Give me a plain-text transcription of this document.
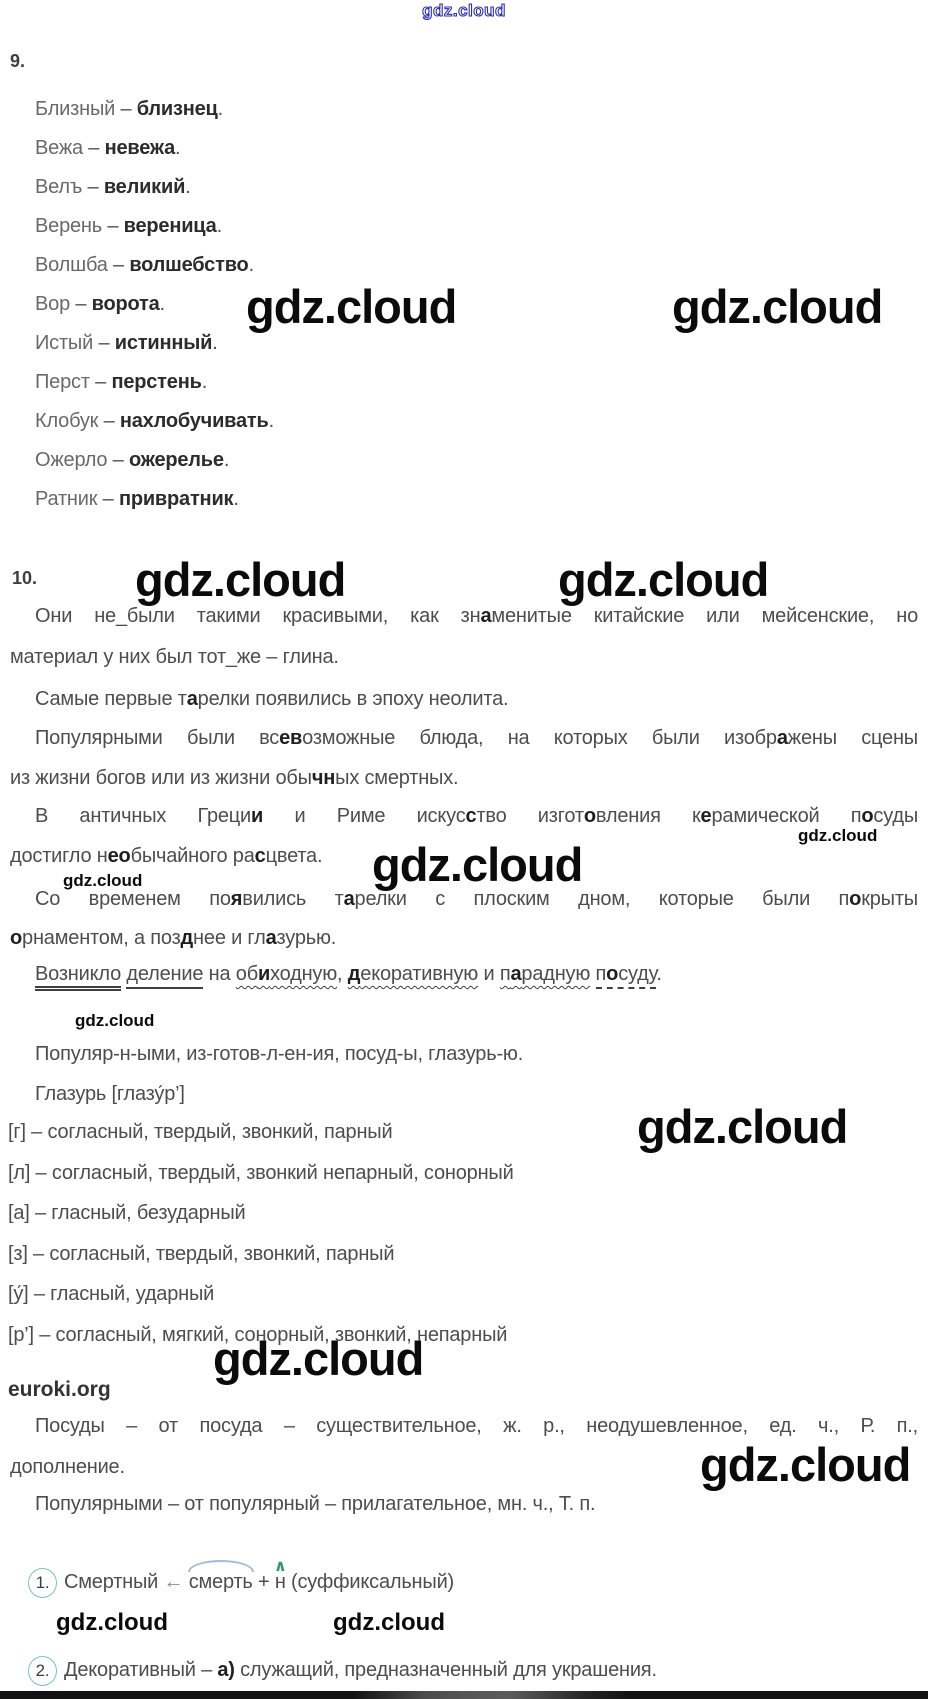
gdz.cloud
gdz.cloud	gdz.cloud
gdz.cloud	gdz.cloud
gdz.cloud
gdz.cloud
gdz.cloud
gdz.cloud
gdz.cloud
gdz.cloud
gdz.cloud
gdz.cloud	gdz.cloud
9.
Близный – близнец.
Вежа – невежа.
Велъ – великий.
Верень – вереница.
Волшба – волшебство.
Вор – ворота.
Истый – истинный.
Перст – перстень.
Клобук – нахлобучивать.
Ожерло – ожерелье.
Ратник – привратник.
10.
Они не_были такими красивыми, как знаменитые китайские или мейсенские, но
материал у них был тот_же – глина.
Самые первые тарелки появились в эпоху неолита.
Популярными были всевозможные блюда, на которых были изображены сцены
из жизни богов или из жизни обычных смертных.
В античных Греции и Риме искусство изготовления керамической посуды
достигло необычайного расцвета.
Со временем появились тарелки с плоским дном, которые были покрыты
орнаментом, а позднее и глазурью.
Возникло деление на обиходную, декоративную и парадную посуду.
Популяр-н-ыми, из-готов-л-ен-ия, посуд-ы, глазурь-ю.
Глазурь [глазу́р’]
[г] – согласный, твердый, звонкий, парный
[л] – согласный, твердый, звонкий непарный, сонорный
[а] – гласный, безударный
[з] – согласный, твердый, звонкий, парный
[у́] – гласный, ударный
[р’] – согласный, мягкий, сонорный, звонкий, непарный
euroki.org
Посуды – от посуда – существительное, ж. р., неодушевленное, ед. ч., Р. п.,
дополнение.
Популярными – от популярный – прилагательное, мн. ч., Т. п.
1. Смертный ← смерть + ∧ н (суффиксальный)
2. Декоративный – а) служащий, предназначенный для украшения.
